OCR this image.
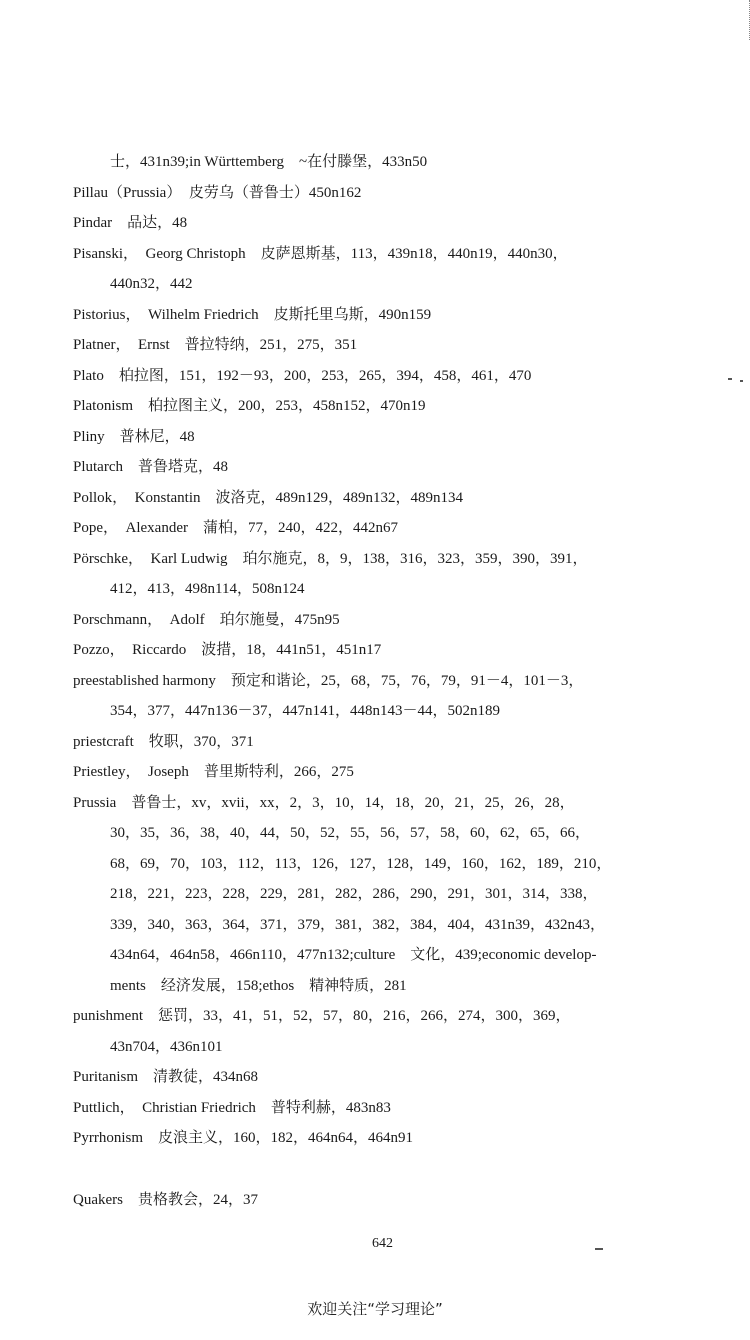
士，431n39;in Württemberg　~在付滕堡，433n50
Pillau（Prussia）　皮劳乌（普鲁士）450n162
Pindar　品达，48
Pisanski，　Georg Christoph　皮萨恩斯基，113，439n18，440n19，440n30，
440n32，442
Pistorius，　Wilhelm Friedrich　皮斯托里乌斯，490n159
Platner，　Ernst　普拉特纳，251，275，351
Plato　柏拉图，151，192－93，200，253，265，394，458，461，470
Platonism　柏拉图主义，200，253，458n152，470n19
Pliny　普林尼，48
Plutarch　普鲁塔克，48
Pollok，　Konstantin　波洛克，489n129，489n132，489n134
Pope，　Alexander　蒲柏，77，240，422，442n67
Pörschke，　Karl Ludwig　珀尔施克，8，9，138，316，323，359，390，391，
412，413，498n114，508n124
Porschmann，　Adolf　珀尔施曼，475n95
Pozzo，　Riccardo　波措，18，441n51，451n17
preestablished harmony　预定和谐论，25，68，75，76，79，91－4，101－3，
354，377，447n136－37，447n141，448n143－44，502n189
priestcraft　牧职，370，371
Priestley，　Joseph　普里斯特利，266，275
Prussia　普鲁士，xv，xvii，xx，2，3，10，14，18，20，21，25，26，28，
30，35，36，38，40，44，50，52，55，56，57，58，60，62，65，66，
68，69，70，103，112，113，126，127，128，149，160，162，189，210，
218，221，223，228，229，281，282，286，290，291，301，314，338，
339，340，363，364，371，379，381，382，384，404，431n39，432n43，
434n64，464n58，466n110，477n132;culture　文化，439;economic develop-
ments　经济发展，158;ethos　精神特质，281
punishment　惩罚，33，41，51，52，57，80，216，266，274，300，369，
43n704，436n101
Puritanism　清教徒，434n68
Puttlich，　Christian Friedrich　普特利赫，483n83
Pyrrhonism　皮浪主义，160，182，464n64，464n91
Quakers　贵格教会，24，37
642
欢迎关注“学习理论”
